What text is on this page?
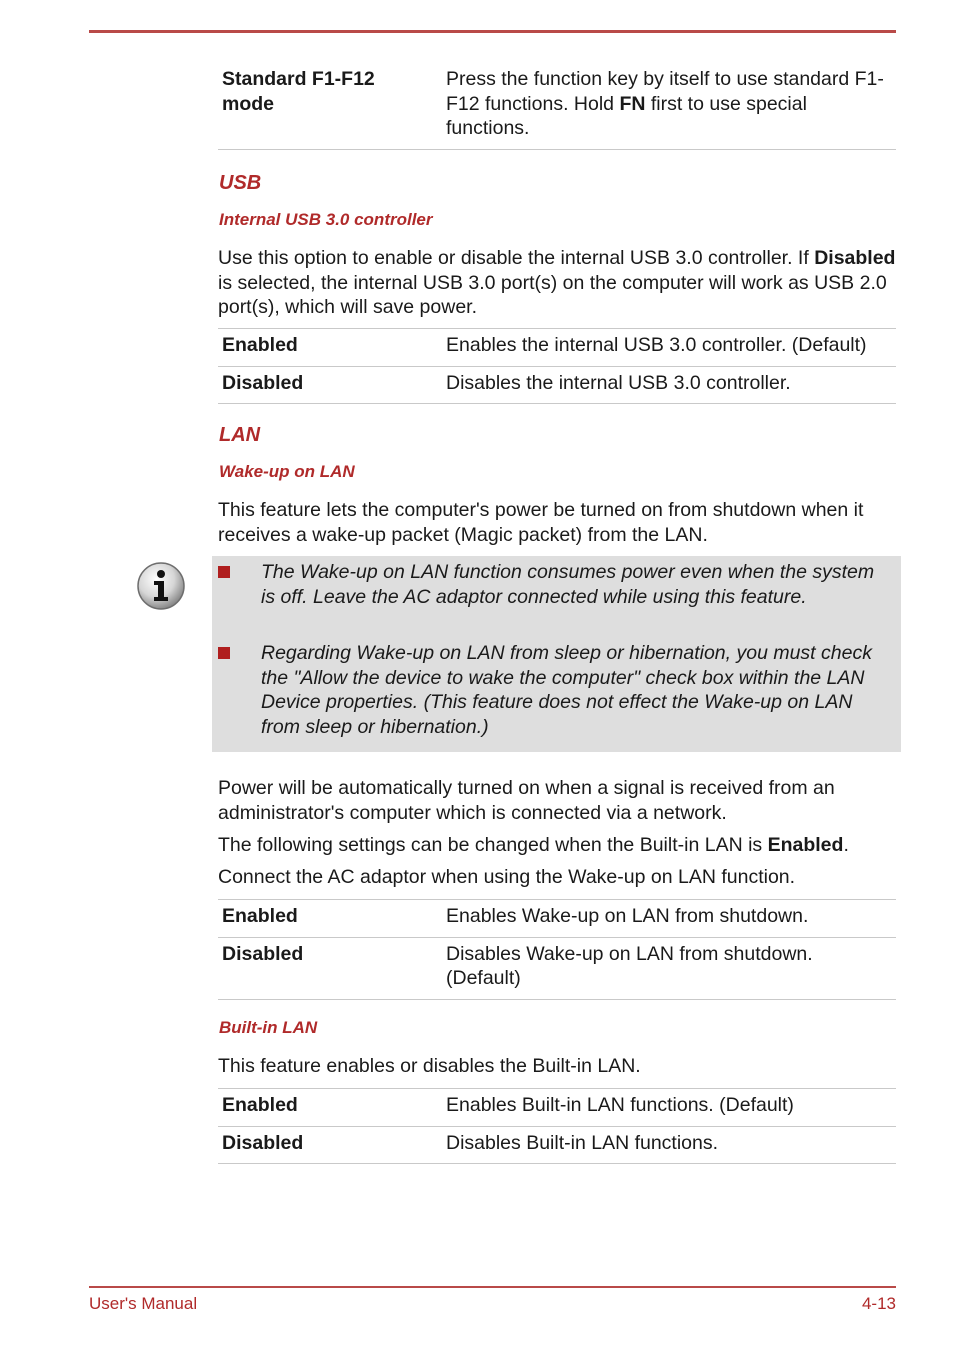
Standard F1-F12
mode	Press the function key by itself to use standard F1-F12 functions. Hold FN first to use special functions.
USB
Internal USB 3.0 controller
Use this option to enable or disable the internal USB 3.0 controller. If Disabled is selected, the internal USB 3.0 port(s) on the computer will work as USB 2.0 port(s), which will save power.
Enabled	Enables the internal USB 3.0 controller. (Default)
Disabled	Disables the internal USB 3.0 controller.
LAN
Wake-up on LAN
This feature lets the computer's power be turned on from shutdown when it receives a wake-up packet (Magic packet) from the LAN.
The Wake-up on LAN function consumes power even when the system is off. Leave the AC adaptor connected while using this feature.
Regarding Wake-up on LAN from sleep or hibernation, you must check the "Allow the device to wake the computer" check box within the LAN Device properties. (This feature does not effect the Wake-up on LAN from sleep or hibernation.)
Power will be automatically turned on when a signal is received from an administrator's computer which is connected via a network.
The following settings can be changed when the Built-in LAN is Enabled.
Connect the AC adaptor when using the Wake-up on LAN function.
Enabled	Enables Wake-up on LAN from shutdown.
Disabled	Disables Wake-up on LAN from shutdown. (Default)
Built-in LAN
This feature enables or disables the Built-in LAN.
Enabled	Enables Built-in LAN functions. (Default)
Disabled	Disables Built-in LAN functions.
User's Manual	4-13
